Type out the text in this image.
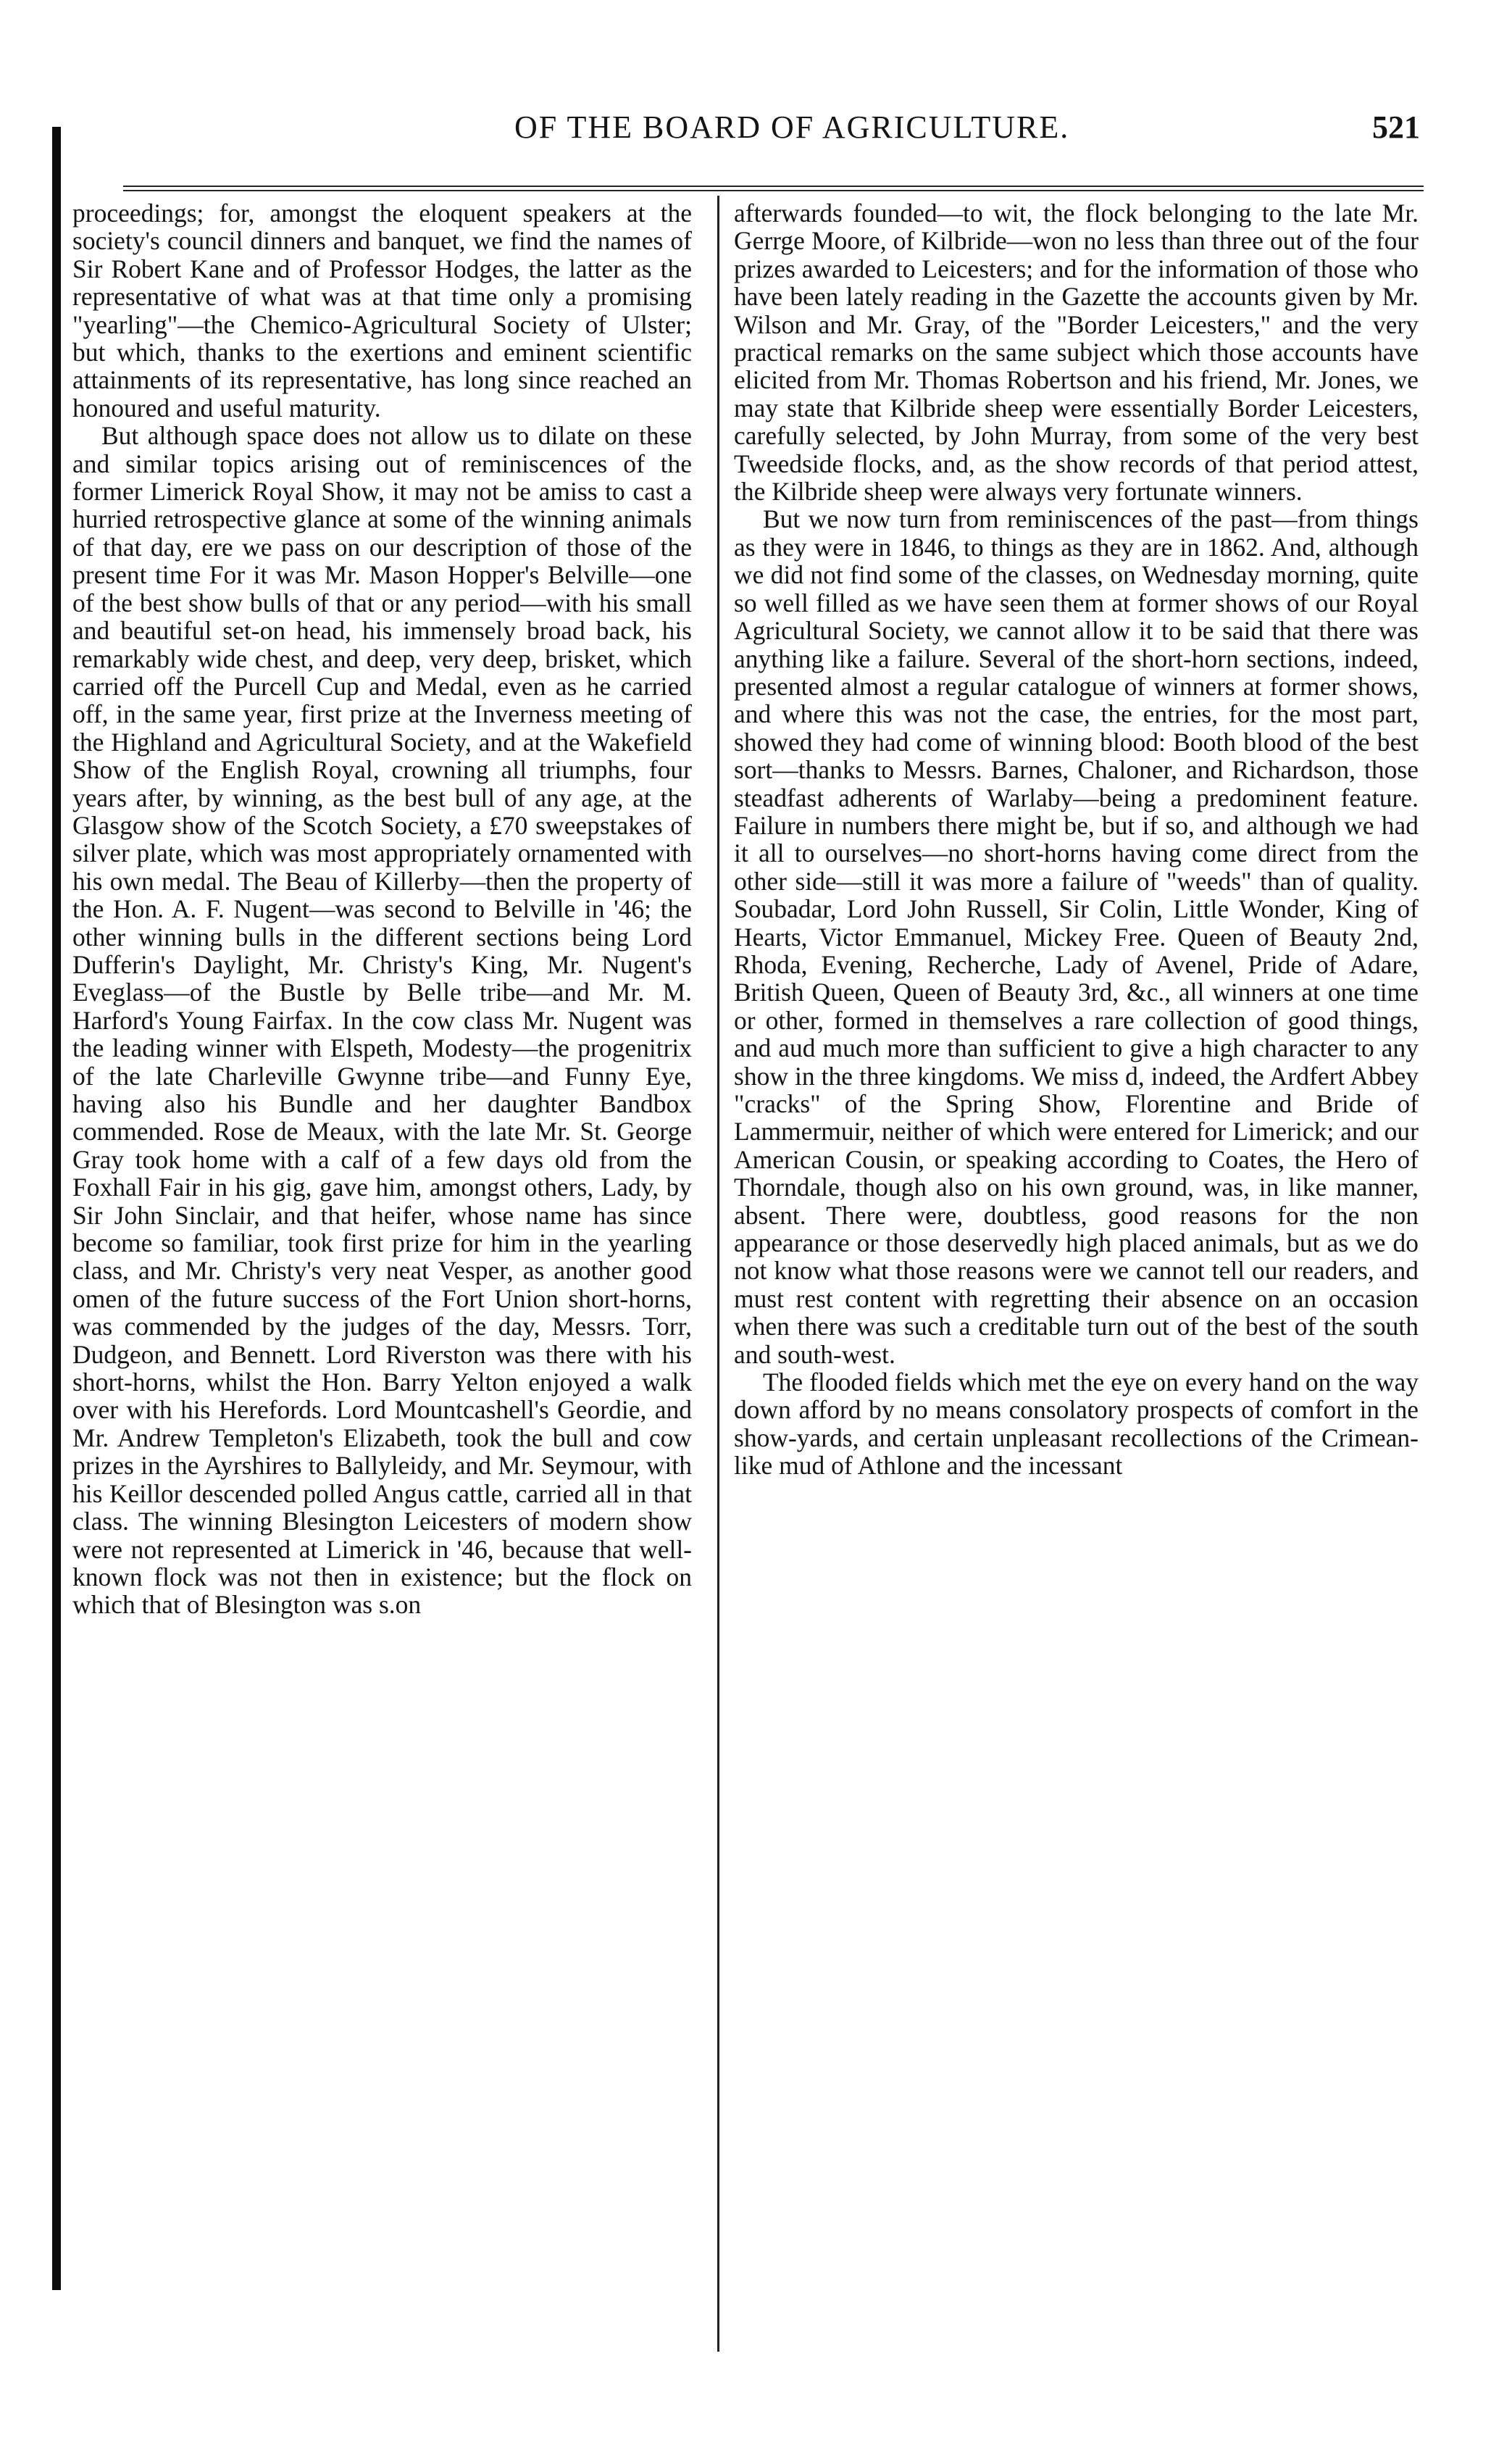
OF THE BOARD OF AGRICULTURE.	521

proceedings; for, amongst the eloquent speakers at the society's council dinners and banquet, we find the names of Sir Robert Kane and of Professor Hodges, the latter as the representative of what was at that time only a promising "yearling"—the Chemico-Agricultural Society of Ulster; but which, thanks to the exertions and eminent scientific attainments of its representative, has long since reached an honoured and useful maturity.

But although space does not allow us to dilate on these and similar topics arising out of reminiscences of the former Limerick Royal Show, it may not be amiss to cast a hurried retrospective glance at some of the winning animals of that day, ere we pass on our description of those of the present time For it was Mr. Mason Hopper's Belville—one of the best show bulls of that or any period—with his small and beautiful set-on head, his immensely broad back, his remarkably wide chest, and deep, very deep, brisket, which carried off the Purcell Cup and Medal, even as he carried off, in the same year, first prize at the Inverness meeting of the Highland and Agricultural Society, and at the Wakefield Show of the English Royal, crowning all triumphs, four years after, by winning, as the best bull of any age, at the Glasgow show of the Scotch Society, a £70 sweepstakes of silver plate, which was most appropriately ornamented with his own medal. The Beau of Killerby—then the property of the Hon. A. F. Nugent—was second to Belville in '46; the other winning bulls in the different sections being Lord Dufferin's Daylight, Mr. Christy's King, Mr. Nugent's Eveglass—of the Bustle by Belle tribe—and Mr. M. Harford's Young Fairfax. In the cow class Mr. Nugent was the leading winner with Elspeth, Modesty—the progenitrix of the late Charleville Gwynne tribe—and Funny Eye, having also his Bundle and her daughter Bandbox commended. Rose de Meaux, with the late Mr. St. George Gray took home with a calf of a few days old from the Foxhall Fair in his gig, gave him, amongst others, Lady, by Sir John Sinclair, and that heifer, whose name has since become so familiar, took first prize for him in the yearling class, and Mr. Christy's very neat Vesper, as another good omen of the future success of the Fort Union short-horns, was commended by the judges of the day, Messrs. Torr, Dudgeon, and Bennett. Lord Riverston was there with his short-horns, whilst the Hon. Barry Yelton enjoyed a walk over with his Herefords. Lord Mountcashell's Geordie, and Mr. Andrew Templeton's Elizabeth, took the bull and cow prizes in the Ayrshires to Ballyleidy, and Mr. Seymour, with his Keillor descended polled Angus cattle, carried all in that class. The winning Blesington Leicesters of modern show were not represented at Limerick in '46, because that well-known flock was not then in existence; but the flock on which that of Blesington was s.on

afterwards founded—to wit, the flock belonging to the late Mr. Gerrge Moore, of Kilbride—won no less than three out of the four prizes awarded to Leicesters; and for the information of those who have been lately reading in the Gazette the accounts given by Mr. Wilson and Mr. Gray, of the "Border Leicesters," and the very practical remarks on the same subject which those accounts have elicited from Mr. Thomas Robertson and his friend, Mr. Jones, we may state that Kilbride sheep were essentially Border Leicesters, carefully selected, by John Murray, from some of the very best Tweedside flocks, and, as the show records of that period attest, the Kilbride sheep were always very fortunate winners.

But we now turn from reminiscences of the past—from things as they were in 1846, to things as they are in 1862. And, although we did not find some of the classes, on Wednesday morning, quite so well filled as we have seen them at former shows of our Royal Agricultural Society, we cannot allow it to be said that there was anything like a failure. Several of the short-horn sections, indeed, presented almost a regular catalogue of winners at former shows, and where this was not the case, the entries, for the most part, showed they had come of winning blood: Booth blood of the best sort—thanks to Messrs. Barnes, Chaloner, and Richardson, those steadfast adherents of Warlaby—being a predominent feature. Failure in numbers there might be, but if so, and although we had it all to ourselves—no short-horns having come direct from the other side—still it was more a failure of "weeds" than of quality. Soubadar, Lord John Russell, Sir Colin, Little Wonder, King of Hearts, Victor Emmanuel, Mickey Free. Queen of Beauty 2nd, Rhoda, Evening, Recherche, Lady of Avenel, Pride of Adare, British Queen, Queen of Beauty 3rd, &c., all winners at one time or other, formed in themselves a rare collection of good things, and aud much more than sufficient to give a high character to any show in the three kingdoms. We miss d, indeed, the Ardfert Abbey "cracks" of the Spring Show, Florentine and Bride of Lammermuir, neither of which were entered for Limerick; and our American Cousin, or speaking according to Coates, the Hero of Thorndale, though also on his own ground, was, in like manner, absent. There were, doubtless, good reasons for the non appearance or those deservedly high placed animals, but as we do not know what those reasons were we cannot tell our readers, and must rest content with regretting their absence on an occasion when there was such a creditable turn out of the best of the south and south-west.

The flooded fields which met the eye on every hand on the way down afford by no means consolatory prospects of comfort in the show-yards, and certain unpleasant recollections of the Crimean-like mud of Athlone and the incessant
